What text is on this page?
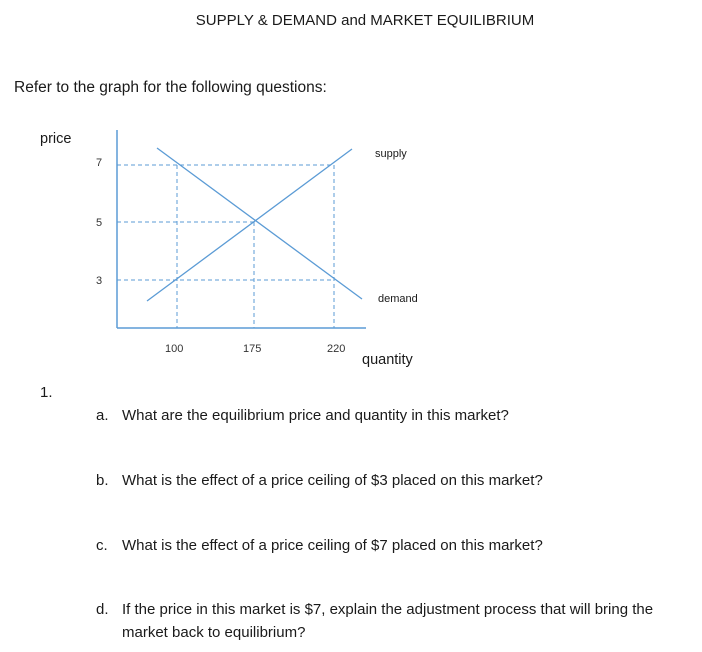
SUPPLY & DEMAND and MARKET EQUILIBRIUM
Refer to the graph for the following questions:
price
quantity
7
5
3
100	175	220
supply
demand
1.
a. What are the equilibrium price and quantity in this market?
b. What is the effect of a price ceiling of $3 placed on this market?
c. What is the effect of a price ceiling of $7 placed on this market?
d. If the price in this market is $7, explain the adjustment process that will bring the market back to equilibrium?
